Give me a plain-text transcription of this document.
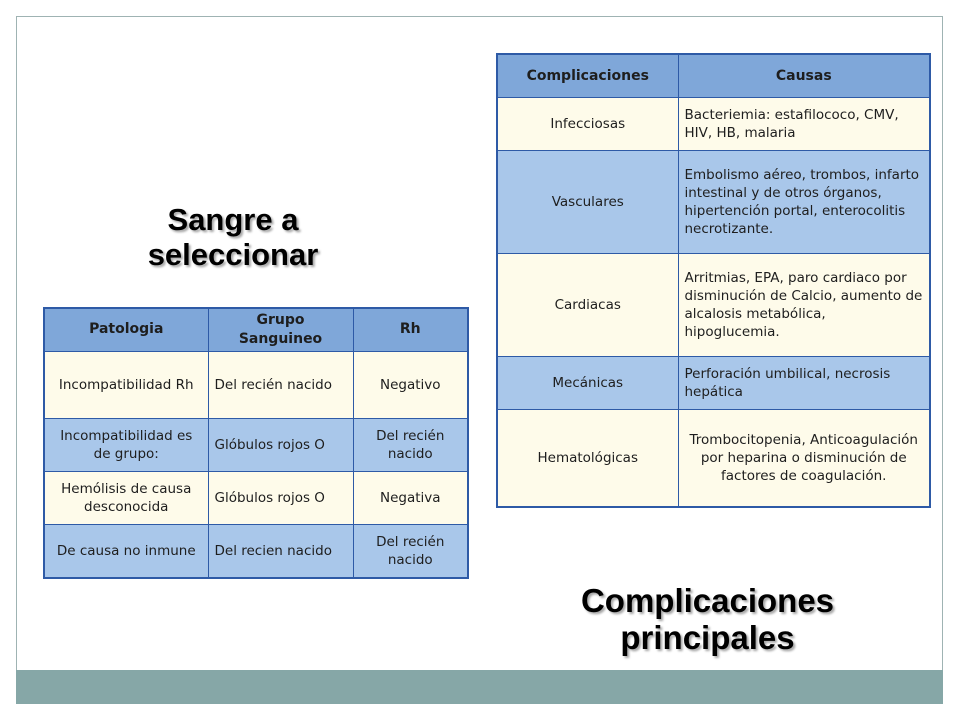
Sangre a
seleccionar
Patologia	Grupo Sanguineo	Rh
Incompatibilidad Rh	Del recién nacido	Negativo
Incompatibilidad es de grupo:	Glóbulos rojos O	Del recién nacido
Hemólisis de causa desconocida	Glóbulos rojos O	Negativa
De causa no inmune	Del recien nacido	Del recién nacido
Complicaciones	Causas
Infecciosas	Bacteriemia: estafilococo, CMV, HIV, HB, malaria
Vasculares	Embolismo aéreo, trombos, infarto intestinal y de otros órganos, hipertención portal, enterocolitis necrotizante.
Cardiacas	Arritmias, EPA, paro cardiaco por disminución de Calcio, aumento de alcalosis metabólica, hipoglucemia.
Mecánicas	Perforación umbilical, necrosis hepática
Hematológicas	Trombocitopenia, Anticoagulación por heparina o disminución de factores de coagulación.
Complicaciones
principales
